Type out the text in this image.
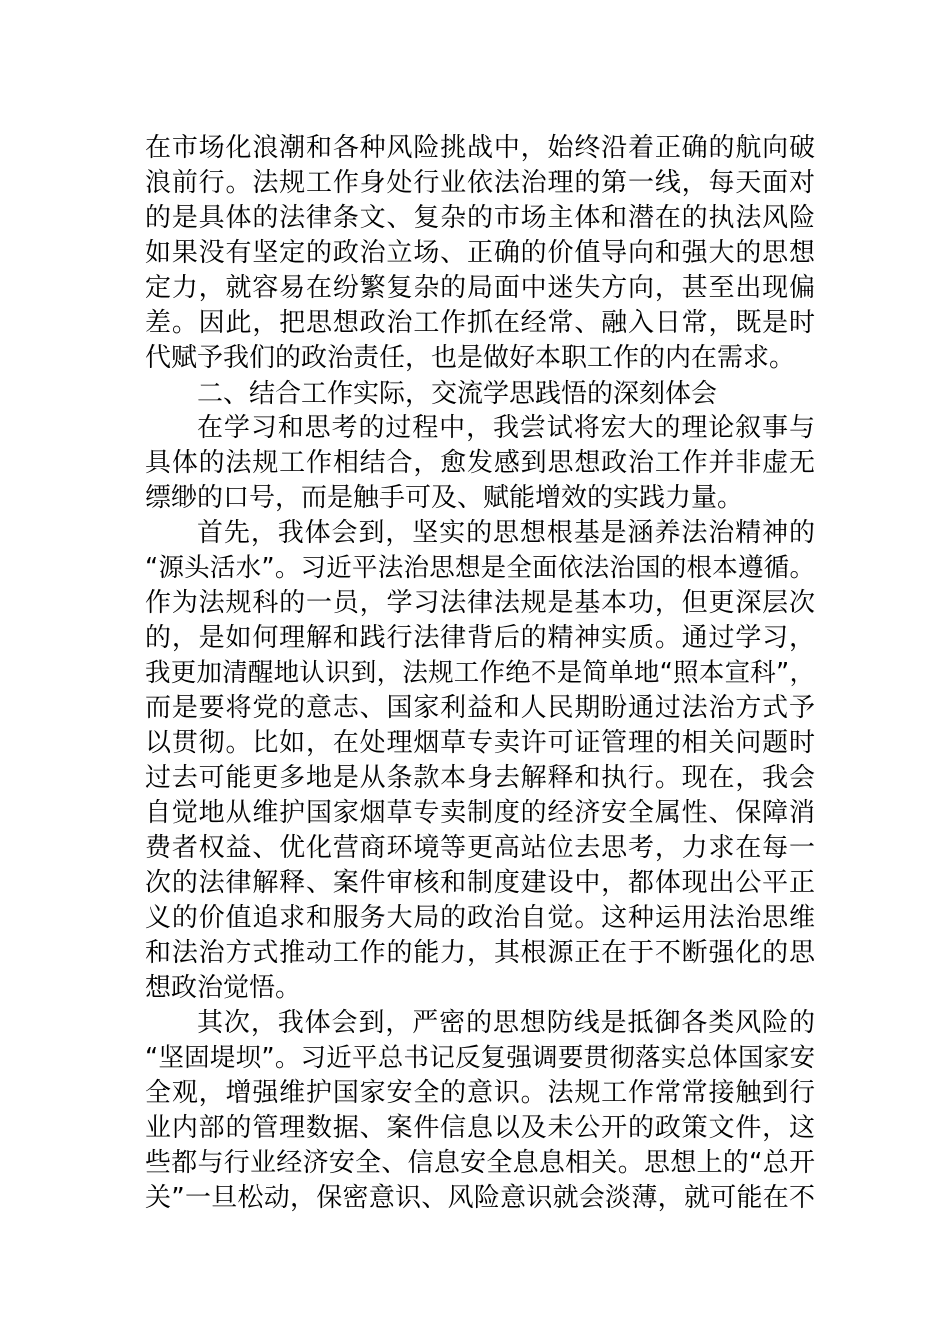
在市场化浪潮和各种风险挑战中，始终沿着正确的航向破
浪前行。法规工作身处行业依法治理的第一线，每天面对
的是具体的法律条文、复杂的市场主体和潜在的执法风险
如果没有坚定的政治立场、正确的价值导向和强大的思想
定力，就容易在纷繁复杂的局面中迷失方向，甚至出现偏
差。因此，把思想政治工作抓在经常、融入日常，既是时
代赋予我们的政治责任，也是做好本职工作的内在需求。
二、结合工作实际，交流学思践悟的深刻体会
在学习和思考的过程中，我尝试将宏大的理论叙事与
具体的法规工作相结合，愈发感到思想政治工作并非虚无
缥缈的口号，而是触手可及、赋能增效的实践力量。
首先，我体会到，坚实的思想根基是涵养法治精神的
“源头活水”。习近平法治思想是全面依法治国的根本遵循。
作为法规科的一员，学习法律法规是基本功，但更深层次
的，是如何理解和践行法律背后的精神实质。通过学习，
我更加清醒地认识到，法规工作绝不是简单地“照本宣科”，
而是要将党的意志、国家利益和人民期盼通过法治方式予
以贯彻。比如，在处理烟草专卖许可证管理的相关问题时
过去可能更多地是从条款本身去解释和执行。现在，我会
自觉地从维护国家烟草专卖制度的经济安全属性、保障消
费者权益、优化营商环境等更高站位去思考，力求在每一
次的法律解释、案件审核和制度建设中，都体现出公平正
义的价值追求和服务大局的政治自觉。这种运用法治思维
和法治方式推动工作的能力，其根源正在于不断强化的思
想政治觉悟。
其次，我体会到，严密的思想防线是抵御各类风险的
“坚固堤坝”。习近平总书记反复强调要贯彻落实总体国家安
全观，增强维护国家安全的意识。法规工作常常接触到行
业内部的管理数据、案件信息以及未公开的政策文件，这
些都与行业经济安全、信息安全息息相关。思想上的“总开
关”一旦松动，保密意识、风险意识就会淡薄，就可能在不
